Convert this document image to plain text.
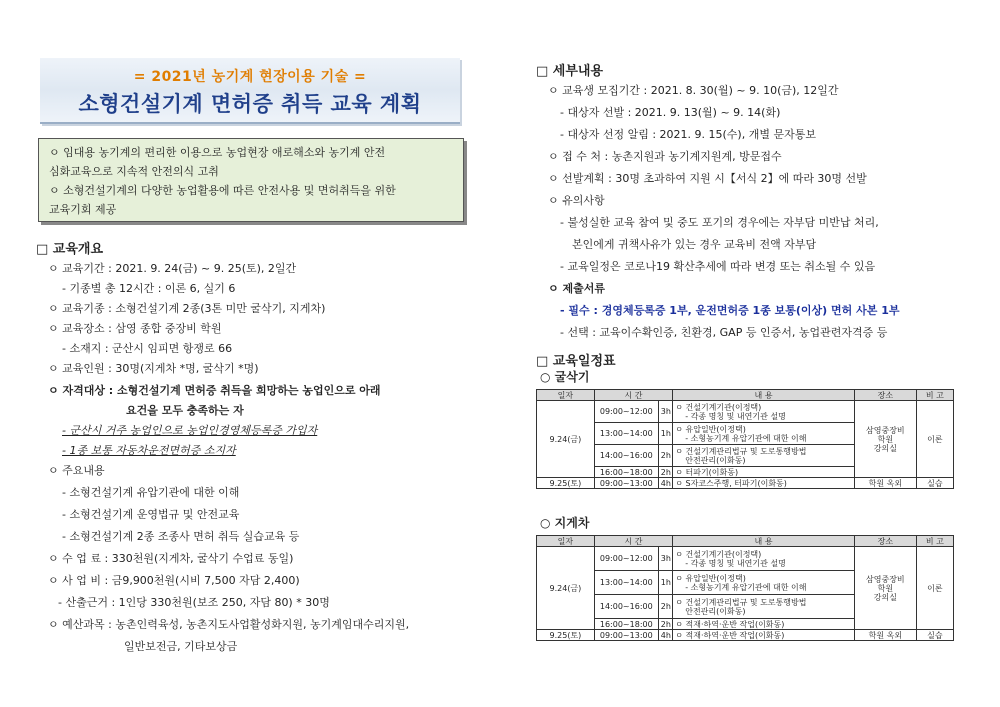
= 2021년 농기계 현장이용 기술 =
소형건설기계 면허증 취득 교육 계획
ㅇ 임대용 농기계의 편리한 이용으로 농업현장 애로해소와 농기계 안전
심화교육으로 지속적 안전의식 고취
ㅇ 소형건설기계의 다양한 농업활용에 따른 안전사용 및 면허취득을 위한
교육기회 제공
□ 교육개요
ㅇ 교육기간 : 2021. 9. 24(금) ~ 9. 25(토), 2일간
- 기종별 총 12시간 : 이론 6, 실기 6
ㅇ 교육기종 : 소형건설기계 2종(3톤 미만 굴삭기, 지게차)
ㅇ 교육장소 : 삼영 종합 중장비 학원
- 소재지 : 군산시 임피면 항쟁로 66
ㅇ 교육인원 : 30명(지게차 *명, 굴삭기 *명)
ㅇ 자격대상 : 소형건설기계 면허증 취득을 희망하는 농업인으로 아래
요건을 모두 충족하는 자
- 군산시 거주 농업인으로 농업인경영체등록증 가입자
- 1종 보통 자동차운전면허증 소지자
ㅇ 주요내용
- 소형건설기계 유압기관에 대한 이해
- 소형건설기계 운영법규 및 안전교육
- 소형건설기계 2종 조종사 면허 취득 실습교육 등
ㅇ 수 업 료 : 330천원(지게차, 굴삭기 수업료 동일)
ㅇ 사 업 비 : 금9,900천원(시비 7,500 자담 2,400)
- 산출근거 : 1인당 330천원(보조 250, 자담 80) * 30명
ㅇ 예산과목 : 농촌인력육성, 농촌지도사업활성화지원, 농기계임대수리지원,
일반보전금, 기타보상금
□ 세부내용
ㅇ 교육생 모집기간 : 2021. 8. 30(월) ~ 9. 10(금), 12일간
- 대상자 선발 : 2021. 9. 13(월) ~ 9. 14(화)
- 대상자 선정 알림 : 2021. 9. 15(수), 개별 문자통보
ㅇ 접 수 처 : 농촌지원과 농기계지원계, 방문접수
ㅇ 선발계획 : 30명 초과하여 지원 시【서식 2】에 따라 30명 선발
ㅇ 유의사항
- 불성실한 교육 참여 및 중도 포기의 경우에는 자부담 미반납 처리,
본인에게 귀책사유가 있는 경우 교육비 전액 자부담
- 교육일정은 코로나19 확산추세에 따라 변경 또는 취소될 수 있음
ㅇ 제출서류
- 필수 : 경영체등록증 1부, 운전면허증 1종 보통(이상) 면허 사본 1부
- 선택 : 교육이수확인증, 친환경, GAP 등 인증서, 농업관련자격증 등
□ 교육일정표
○ 굴삭기
일자	시 간		내 용	장소	비 고
9.24(금)	09:00~12:00	3h	ㅇ 건설기계기관(이정택)
- 각종 명칭 및 내연기관 설명	삼영중장비
학원
강의실	이론
	13:00~14:00	1h	ㅇ 유압일반(이정택)
- 소형농기계 유압기관에 대한 이해		

	14:00~16:00	2h	ㅇ 건설기계관리법규 및 도로통행방법
안전관리(이화동)		

	16:00~18:00	2h	ㅇ 터파기(이화동)		
9.25(토)	09:00~13:00	4h	ㅇ S자코스주행, 터파기(이화동)	학원 옥외	실습
○ 지게차
일자	시 간		내 용	장소	비 고
9.24(금)	09:00~12:00	3h	ㅇ 건설기계기관(이정택)
- 각종 명칭 및 내연기관 설명	삼영중장비
학원
강의실	이론
	13:00~14:00	1h	ㅇ 유압일반(이정택)
- 소형농기계 유압기관에 대한 이해		

	14:00~16:00	2h	ㅇ 건설기계관리법규 및 도로통행방법
안전관리(이화동)		

	16:00~18:00	2h	ㅇ 적재·하역·운반 작업(이화동)		
9.25(토)	09:00~13:00	4h	ㅇ 적재·하역·운반 작업(이화동)	학원 옥외	실습
